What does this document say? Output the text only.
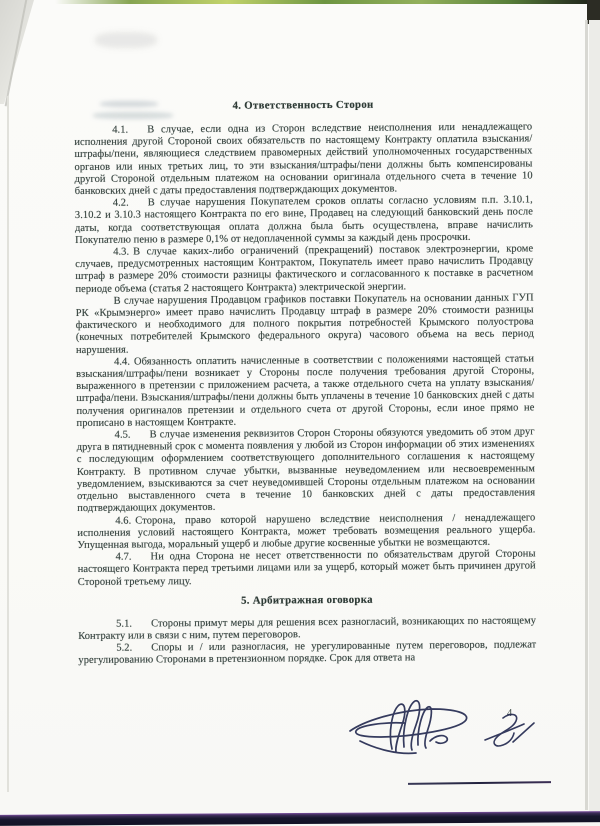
4. Ответственность Сторон

4.1. В случае, если одна из Сторон вследствие неисполнения или ненадлежащего исполнения другой Стороной своих обязательств по настоящему Контракту оплатила взыскания/штрафы/пени, являющиеся следствием правомерных действий уполномоченных государственных органов или иных третьих лиц, то эти взыскания/штрафы/пени должны быть компенсированы другой Стороной отдельным платежом на основании оригинала отдельного счета в течение 10 банковских дней с даты предоставления подтверждающих документов.

4.2. В случае нарушения Покупателем сроков оплаты согласно условиям п.п. 3.10.1, 3.10.2 и 3.10.3 настоящего Контракта по его вине, Продавец на следующий банковский день после даты, когда соответствующая оплата должна была быть осуществлена, вправе начислить Покупателю пеню в размере 0,1% от недоплаченной суммы за каждый день просрочки.

4.3. В случае каких-либо ограничений (прекращений) поставок электроэнергии, кроме случаев, предусмотренных настоящим Контрактом, Покупатель имеет право начислить Продавцу штраф в размере 20% стоимости разницы фактического и согласованного к поставке в расчетном периоде объема (статья 2 настоящего Контракта) электрической энергии.

В случае нарушения Продавцом графиков поставки Покупатель на основании данных ГУП РК «Крымэнерго» имеет право начислить Продавцу штраф в размере 20% стоимости разницы фактического и необходимого для полного покрытия потребностей Крымского полуострова (конечных потребителей Крымского федерального округа) часового объема на весь период нарушения.

4.4. Обязанность оплатить начисленные в соответствии с положениями настоящей статьи взыскания/штрафы/пени возникает у Стороны после получения требования другой Стороны, выраженного в претензии с приложением расчета, а также отдельного счета на уплату взыскания/штрафа/пени. Взыскания/штрафы/пени должны быть уплачены в течение 10 банковских дней с даты получения оригиналов претензии и отдельного счета от другой Стороны, если иное прямо не прописано в настоящем Контракте.

4.5. В случае изменения реквизитов Сторон Стороны обязуются уведомить об этом друг друга в пятидневный срок с момента появления у любой из Сторон информации об этих изменениях с последующим оформлением соответствующего дополнительного соглашения к настоящему Контракту. В противном случае убытки, вызванные неуведомлением или несвоевременным уведомлением, взыскиваются за счет неуведомившей Стороны отдельным платежом на основании отдельно выставленного счета в течение 10 банковских дней с даты предоставления подтверждающих документов.

4.6. Сторона, право которой нарушено вследствие неисполнения / ненадлежащего исполнения условий настоящего Контракта, может требовать возмещения реального ущерба. Упущенная выгода, моральный ущерб и любые другие косвенные убытки не возмещаются.

4.7. Ни одна Сторона не несет ответственности по обязательствам другой Стороны настоящего Контракта перед третьими лицами или за ущерб, который может быть причинен другой Стороной третьему лицу.

5. Арбитражная оговорка

5.1. Стороны примут меры для решения всех разногласий, возникающих по настоящему Контракту или в связи с ним, путем переговоров.

5.2. Споры и / или разногласия, не урегулированные путем переговоров, подлежат урегулированию Сторонами в претензионном порядке. Срок для ответа на

4
